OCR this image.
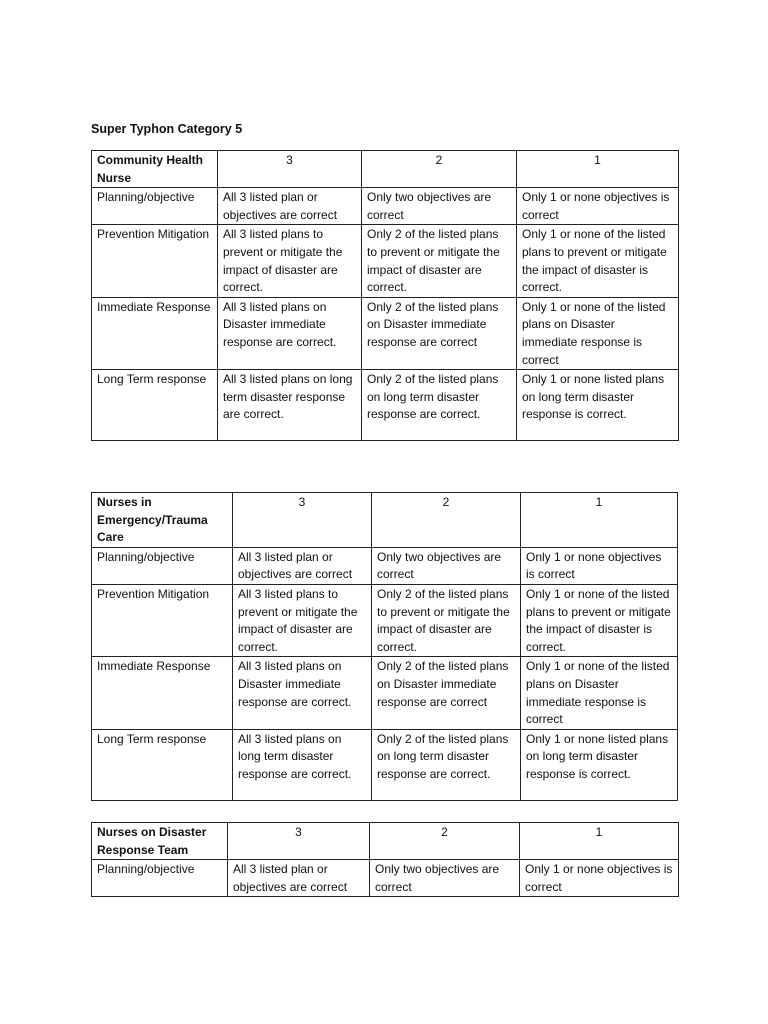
Super Typhon Category 5
Community Health Nurse	3	2	1
Planning/objective	All 3 listed plan or objectives are correct	Only two objectives are correct	Only 1 or none objectives is correct
Prevention Mitigation	All 3 listed plans to prevent or mitigate the impact of disaster are correct.	Only 2 of the listed plans to prevent or mitigate the impact of disaster are correct.	Only 1 or none of the listed plans to prevent or mitigate the impact of disaster is correct.
Immediate Response	All 3 listed plans on Disaster immediate response are correct.	Only 2 of the listed plans on Disaster immediate response are correct	Only 1 or none of the listed plans on Disaster immediate response is correct
Long Term response	All 3 listed plans on long term disaster response are correct.	Only 2 of the listed plans on long term disaster response are correct.	Only 1 or none listed plans on long term disaster response is correct.
Nurses in Emergency/Trauma Care	3	2	1
Planning/objective	All 3 listed plan or objectives are correct	Only two objectives are correct	Only 1 or none objectives is correct
Prevention Mitigation	All 3 listed plans to prevent or mitigate the impact of disaster are correct.	Only 2 of the listed plans to prevent or mitigate the impact of disaster are correct.	Only 1 or none of the listed plans to prevent or mitigate the impact of disaster is correct.
Immediate Response	All 3 listed plans on Disaster immediate response are correct.	Only 2 of the listed plans on Disaster immediate response are correct	Only 1 or none of the listed plans on Disaster immediate response is correct
Long Term response	All 3 listed plans on long term disaster response are correct.	Only 2 of the listed plans on long term disaster response are correct.	Only 1 or none listed plans on long term disaster response is correct.
Nurses on Disaster Response Team	3	2	1
Planning/objective	All 3 listed plan or objectives are correct	Only two objectives are correct	Only 1 or none objectives is correct
